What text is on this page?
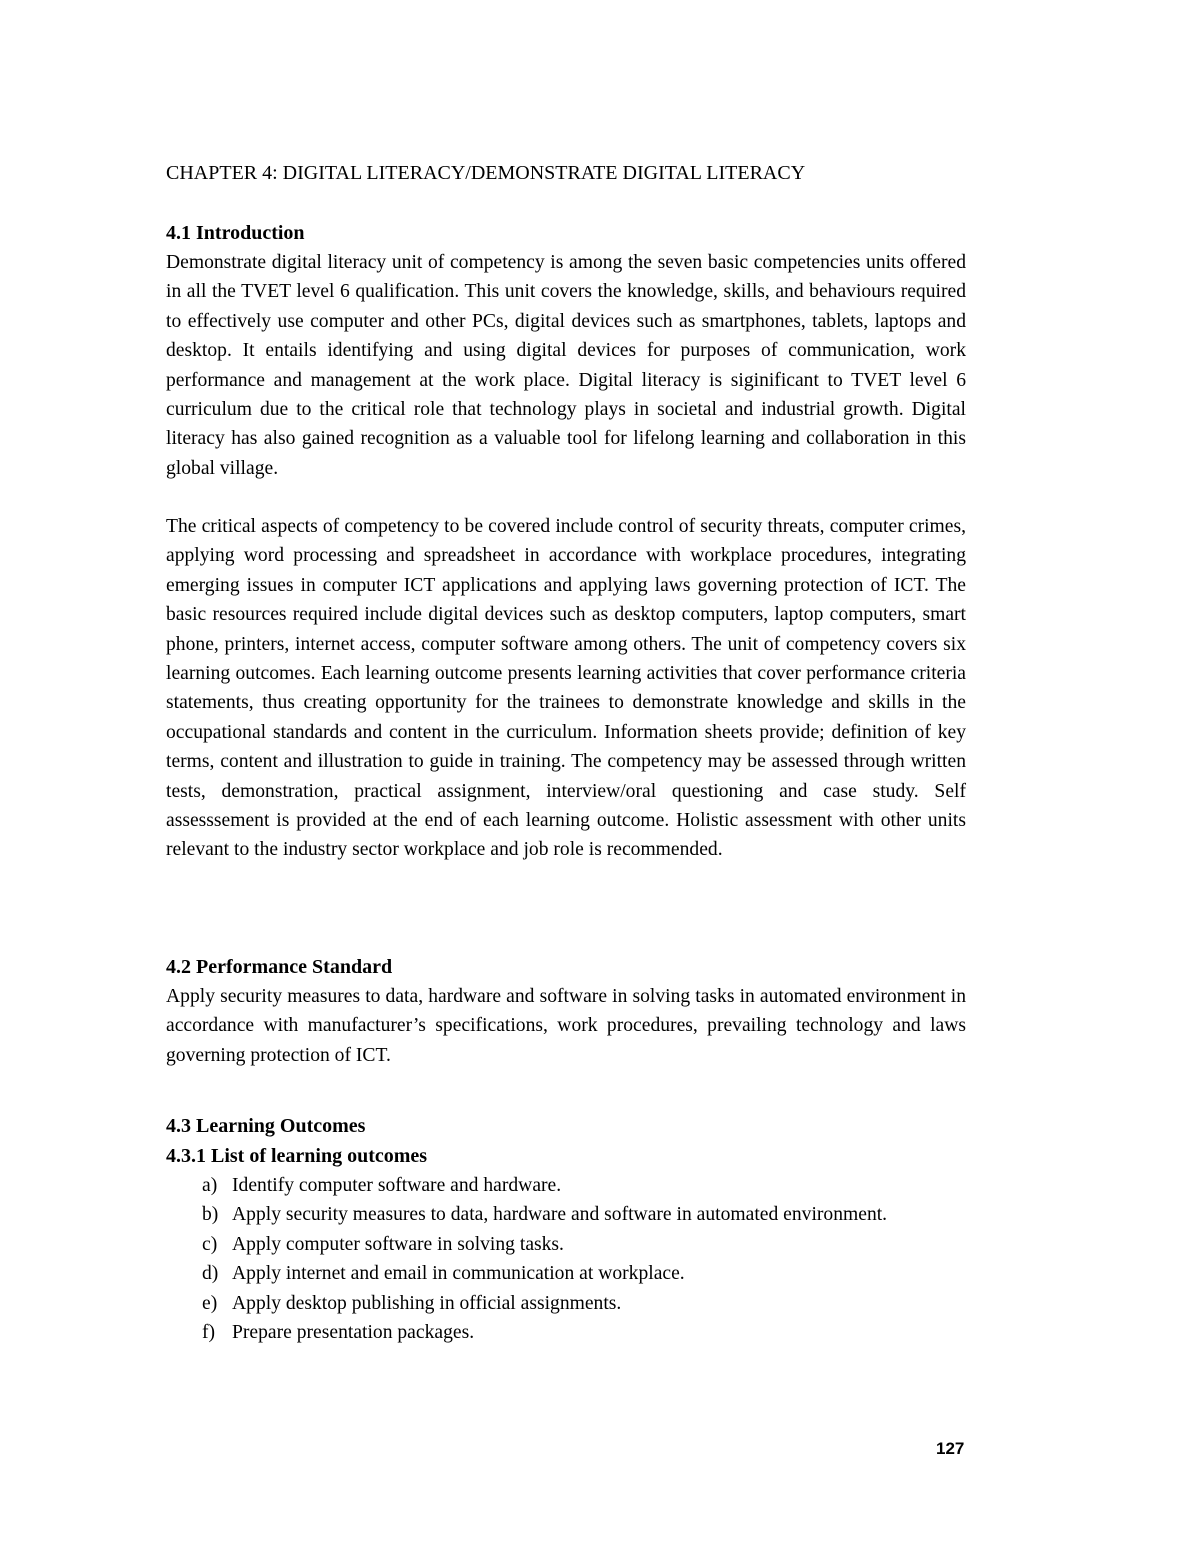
CHAPTER 4: DIGITAL LITERACY/DEMONSTRATE DIGITAL LITERACY

4.1 Introduction

Demonstrate digital literacy unit of competency is among the seven basic competencies units offered in all the TVET level 6 qualification. This unit covers the knowledge, skills, and behaviours required to effectively use computer and other PCs, digital devices such as smartphones, tablets, laptops and desktop. It entails identifying and using digital devices for purposes of communication, work performance and management at the work place. Digital literacy is siginificant to TVET level 6 curriculum due to the critical role that technology plays in societal and industrial growth. Digital literacy has also gained recognition as a valuable tool for lifelong learning and collaboration in this global village.

The critical aspects of competency to be covered include control of security threats, computer crimes, applying word processing and spreadsheet in accordance with workplace procedures, integrating emerging issues in computer ICT applications and applying laws governing protection of ICT. The basic resources required include digital devices such as desktop computers, laptop computers, smart phone, printers, internet access, computer software among others. The unit of competency covers six learning outcomes. Each learning outcome presents learning activities that cover performance criteria statements, thus creating opportunity for the trainees to demonstrate knowledge and skills in the occupational standards and content in the curriculum. Information sheets provide; definition of key terms, content and illustration to guide in training. The competency may be assessed through written tests, demonstration, practical assignment, interview/oral questioning and case study. Self assesssement is provided at the end of each learning outcome. Holistic assessment with other units relevant to the industry sector workplace and job role is recommended.

4.2 Performance Standard

Apply security measures to data, hardware and software in solving tasks in automated environment in accordance with manufacturer’s specifications, work procedures, prevailing technology and laws governing protection of ICT.

4.3 Learning Outcomes

4.3.1 List of learning outcomes

a) Identify computer software and hardware.
b) Apply security measures to data, hardware and software in automated environment.
c) Apply computer software in solving tasks.
d) Apply internet and email in communication at workplace.
e) Apply desktop publishing in official assignments.
f) Prepare presentation packages.
127
